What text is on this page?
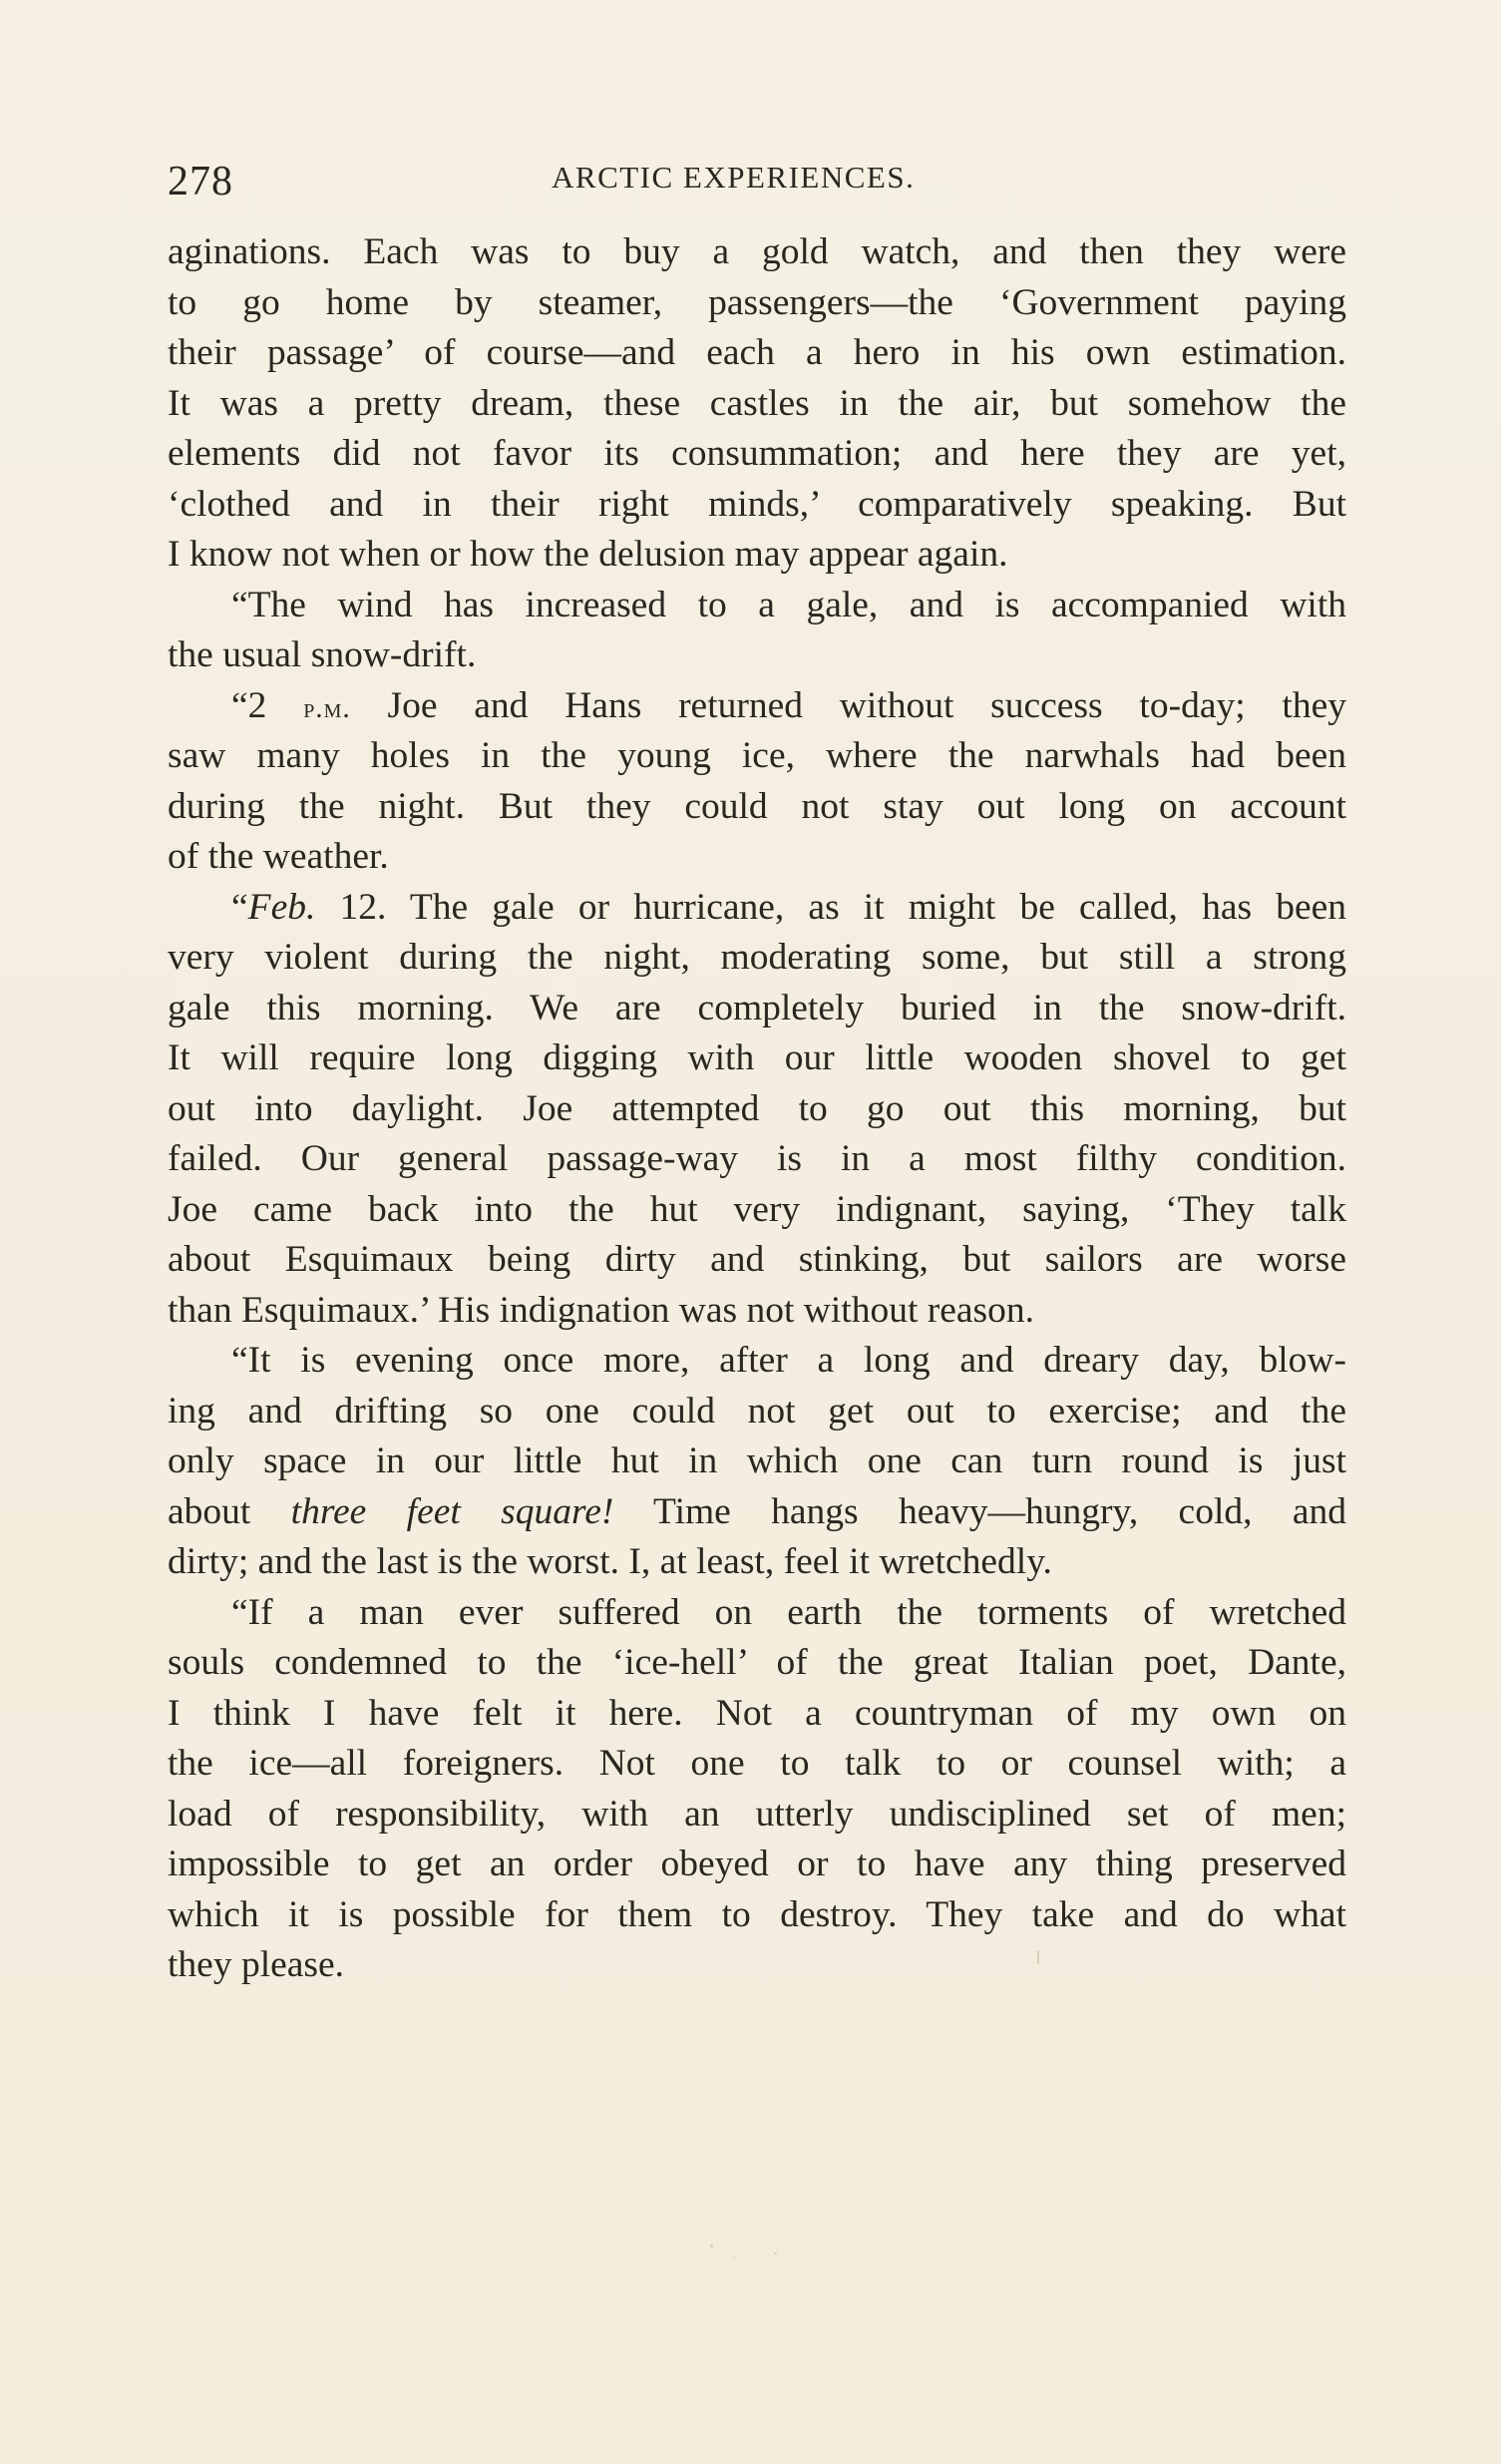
278	ARCTIC EXPERIENCES.
aginations. Each was to buy a gold watch, and then they were
to go home by steamer, passengers—the ‘Government paying
their passage’ of course—and each a hero in his own estimation.
It was a pretty dream, these castles in the air, but somehow the
elements did not favor its consummation; and here they are yet,
‘clothed and in their right minds,’ comparatively speaking. But
I know not when or how the delusion may appear again.
“The wind has increased to a gale, and is accompanied with
the usual snow-drift.
“2 p.m. Joe and Hans returned without success to-day; they
saw many holes in the young ice, where the narwhals had been
during the night. But they could not stay out long on account
of the weather.
“Feb. 12. The gale or hurricane, as it might be called, has been
very violent during the night, moderating some, but still a strong
gale this morning. We are completely buried in the snow-drift.
It will require long digging with our little wooden shovel to get
out into daylight. Joe attempted to go out this morning, but
failed. Our general passage-way is in a most filthy condition.
Joe came back into the hut very indignant, saying, ‘They talk
about Esquimaux being dirty and stinking, but sailors are worse
than Esquimaux.’ His indignation was not without reason.
“It is evening once more, after a long and dreary day, blow-
ing and drifting so one could not get out to exercise; and the
only space in our little hut in which one can turn round is just
about three feet square! Time hangs heavy—hungry, cold, and
dirty; and the last is the worst. I, at least, feel it wretchedly.
“If a man ever suffered on earth the torments of wretched
souls condemned to the ‘ice-hell’ of the great Italian poet, Dante,
I think I have felt it here. Not a countryman of my own on
the ice—all foreigners. Not one to talk to or counsel with; a
load of responsibility, with an utterly undisciplined set of men;
impossible to get an order obeyed or to have any thing preserved
which it is possible for them to destroy. They take and do what
they please.
